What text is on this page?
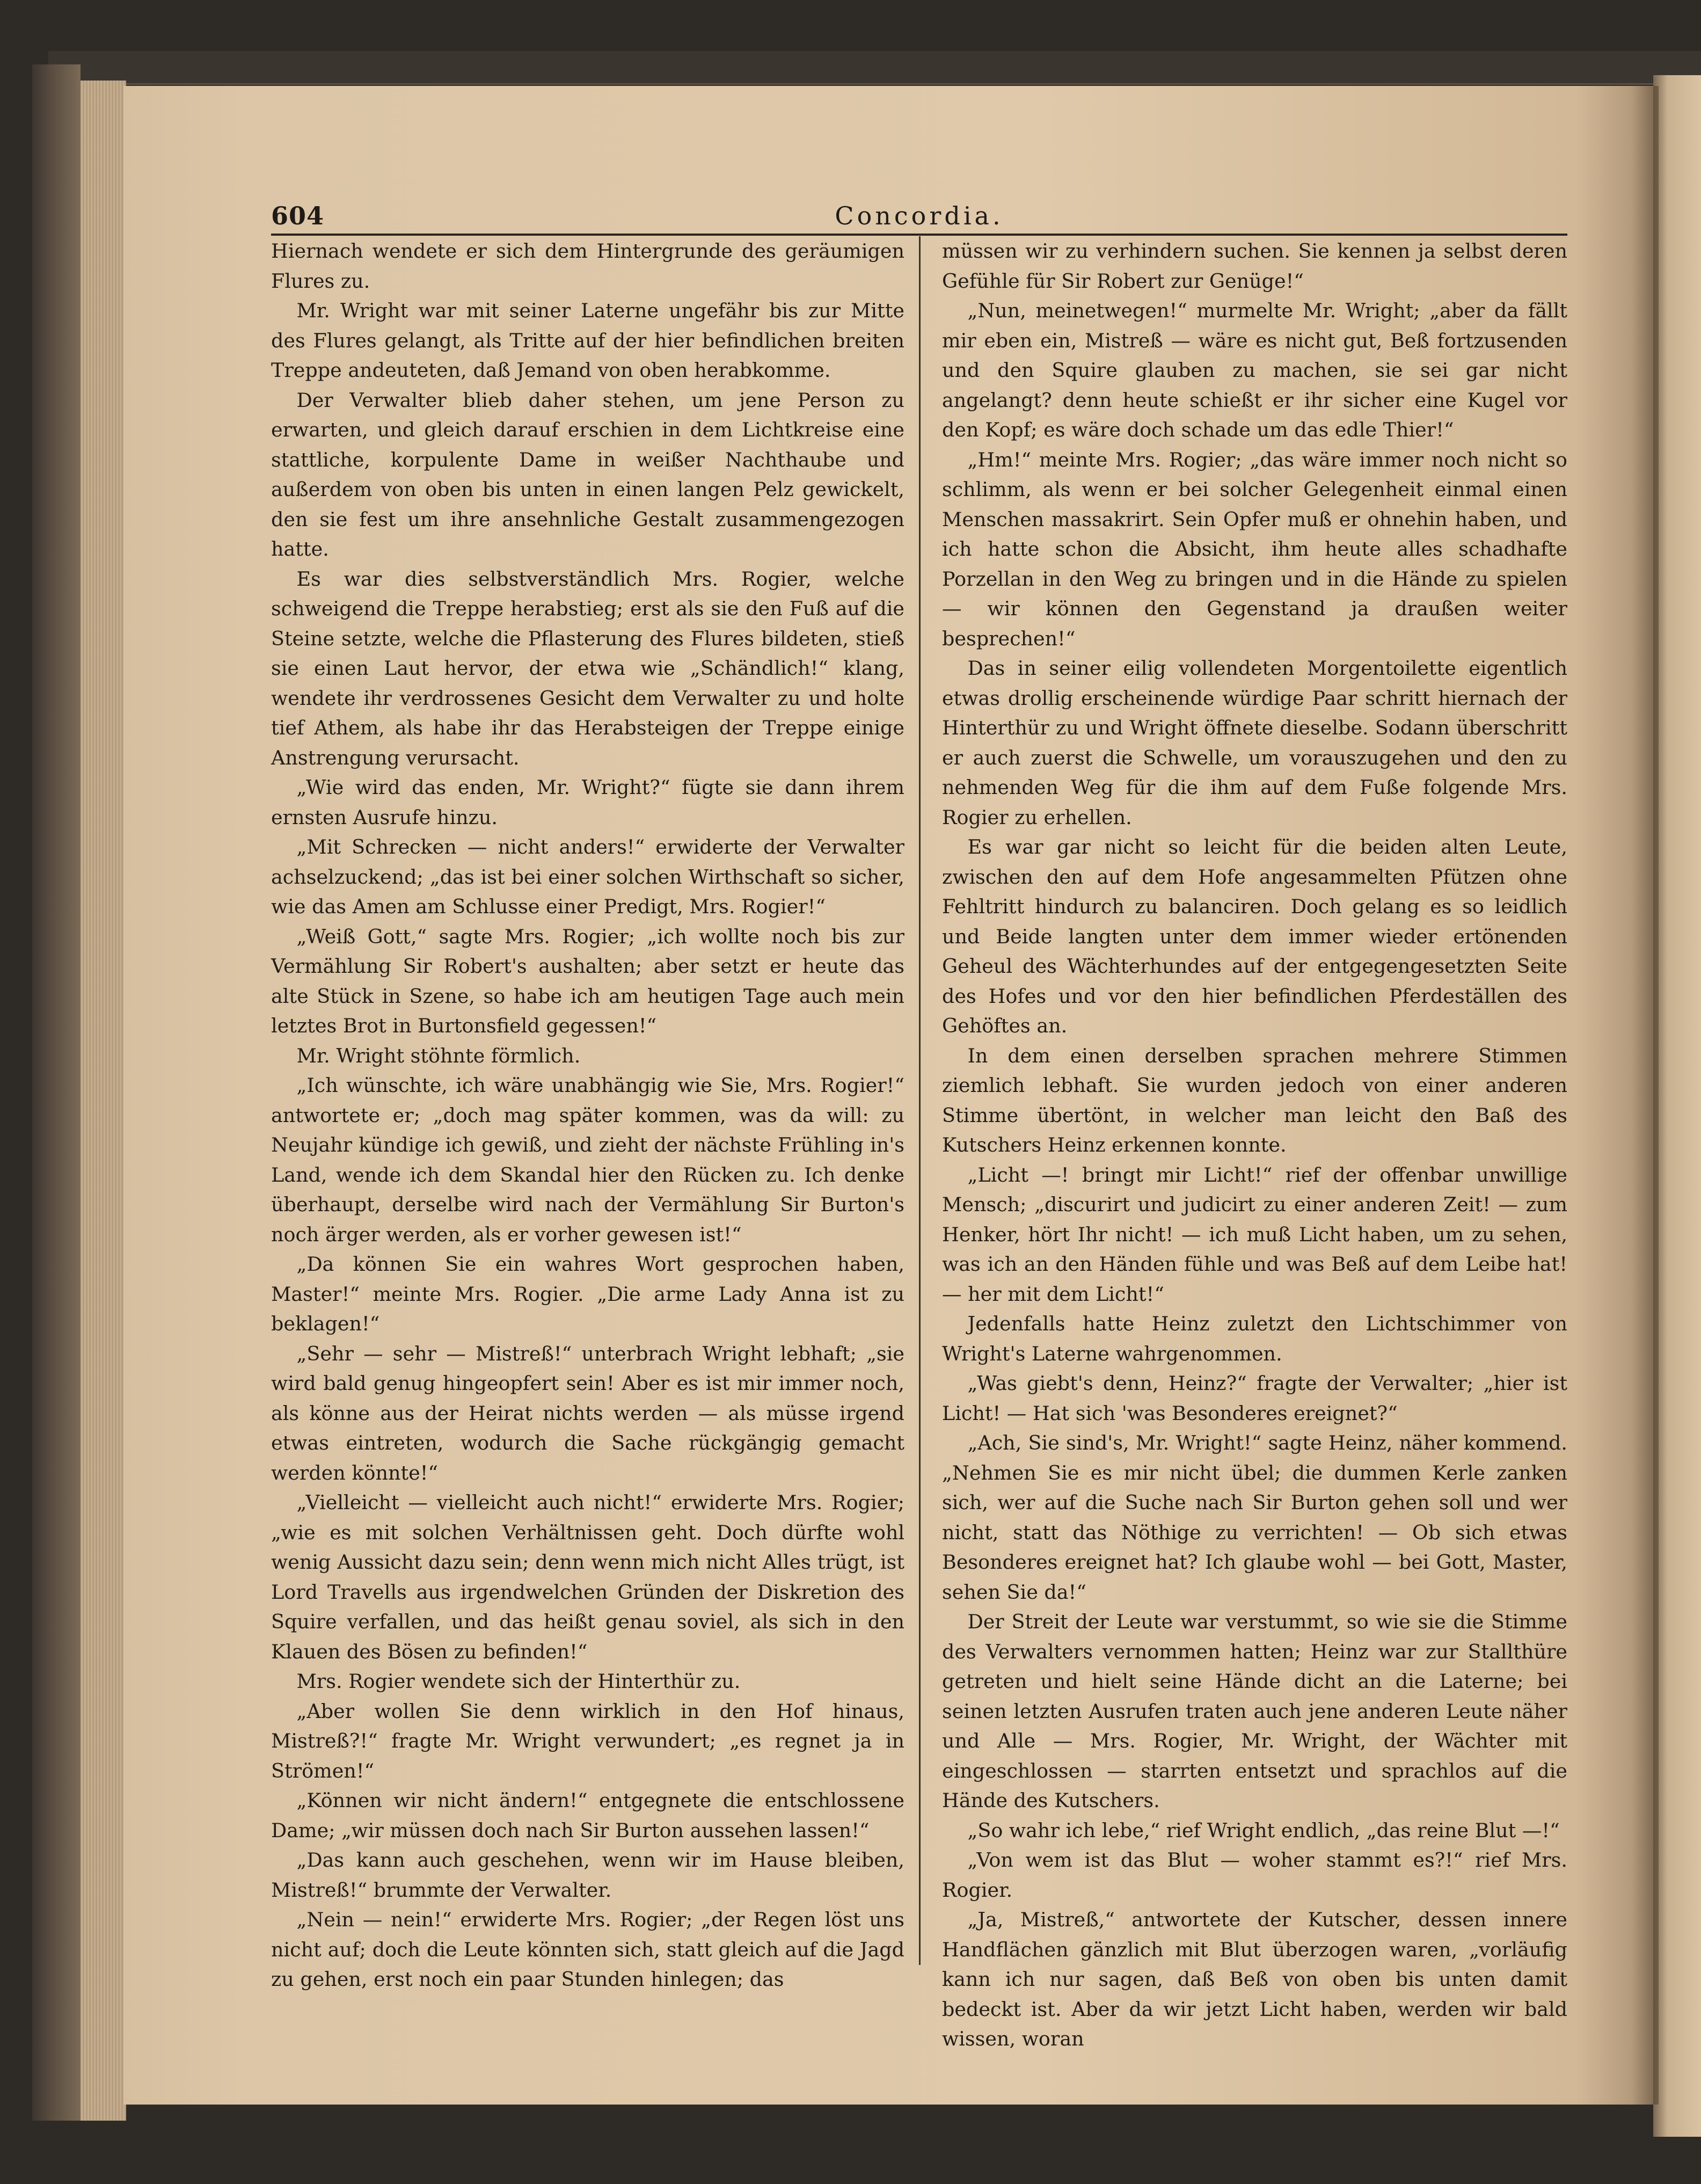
604	Concordia.

Hiernach wendete er sich dem Hintergrunde des geräumigen Flures zu.

Mr. Wright war mit seiner Laterne ungefähr bis zur Mitte des Flures gelangt, als Tritte auf der hier befindlichen breiten Treppe andeuteten, daß Jemand von oben herabkomme.

Der Verwalter blieb daher stehen, um jene Person zu erwarten, und gleich darauf erschien in dem Lichtkreise eine stattliche, korpulente Dame in weißer Nachthaube und außerdem von oben bis unten in einen langen Pelz gewickelt, den sie fest um ihre ansehnliche Gestalt zusammengezogen hatte.

Es war dies selbstverständlich Mrs. Rogier, welche schweigend die Treppe herabstieg; erst als sie den Fuß auf die Steine setzte, welche die Pflasterung des Flures bildeten, stieß sie einen Laut hervor, der etwa wie „Schändlich!“ klang, wendete ihr verdrossenes Gesicht dem Verwalter zu und holte tief Athem, als habe ihr das Herabsteigen der Treppe einige Anstrengung verursacht.

„Wie wird das enden, Mr. Wright?“ fügte sie dann ihrem ernsten Ausrufe hinzu.

„Mit Schrecken — nicht anders!“ erwiderte der Verwalter achselzuckend; „das ist bei einer solchen Wirthschaft so sicher, wie das Amen am Schlusse einer Predigt, Mrs. Rogier!“

„Weiß Gott,“ sagte Mrs. Rogier; „ich wollte noch bis zur Vermählung Sir Robert's aushalten; aber setzt er heute das alte Stück in Szene, so habe ich am heutigen Tage auch mein letztes Brot in Burtonsfield gegessen!“

Mr. Wright stöhnte förmlich.

„Ich wünschte, ich wäre unabhängig wie Sie, Mrs. Rogier!“ antwortete er; „doch mag später kommen, was da will: zu Neujahr kündige ich gewiß, und zieht der nächste Frühling in's Land, wende ich dem Skandal hier den Rücken zu. Ich denke überhaupt, derselbe wird nach der Vermählung Sir Burton's noch ärger werden, als er vorher gewesen ist!“

„Da können Sie ein wahres Wort gesprochen haben, Master!“ meinte Mrs. Rogier. „Die arme Lady Anna ist zu beklagen!“

„Sehr — sehr — Mistreß!“ unterbrach Wright lebhaft; „sie wird bald genug hingeopfert sein! Aber es ist mir immer noch, als könne aus der Heirat nichts werden — als müsse irgend etwas eintreten, wodurch die Sache rückgängig gemacht werden könnte!“

„Vielleicht — vielleicht auch nicht!“ erwiderte Mrs. Rogier; „wie es mit solchen Verhältnissen geht. Doch dürfte wohl wenig Aussicht dazu sein; denn wenn mich nicht Alles trügt, ist Lord Travells aus irgendwelchen Gründen der Diskretion des Squire verfallen, und das heißt genau soviel, als sich in den Klauen des Bösen zu befinden!“

Mrs. Rogier wendete sich der Hinterthür zu.

„Aber wollen Sie denn wirklich in den Hof hinaus, Mistreß?!“ fragte Mr. Wright verwundert; „es regnet ja in Strömen!“

„Können wir nicht ändern!“ entgegnete die entschlossene Dame; „wir müssen doch nach Sir Burton aussehen lassen!“

„Das kann auch geschehen, wenn wir im Hause bleiben, Mistreß!“ brummte der Verwalter.

„Nein — nein!“ erwiderte Mrs. Rogier; „der Regen löst uns nicht auf; doch die Leute könnten sich, statt gleich auf die Jagd zu gehen, erst noch ein paar Stunden hinlegen; das

müssen wir zu verhindern suchen. Sie kennen ja selbst deren Gefühle für Sir Robert zur Genüge!“

„Nun, meinetwegen!“ murmelte Mr. Wright; „aber da fällt mir eben ein, Mistreß — wäre es nicht gut, Beß fortzusenden und den Squire glauben zu machen, sie sei gar nicht angelangt? denn heute schießt er ihr sicher eine Kugel vor den Kopf; es wäre doch schade um das edle Thier!“

„Hm!“ meinte Mrs. Rogier; „das wäre immer noch nicht so schlimm, als wenn er bei solcher Gelegenheit einmal einen Menschen massakrirt. Sein Opfer muß er ohnehin haben, und ich hatte schon die Absicht, ihm heute alles schadhafte Porzellan in den Weg zu bringen und in die Hände zu spielen — wir können den Gegenstand ja draußen weiter besprechen!“

Das in seiner eilig vollendeten Morgentoilette eigentlich etwas drollig erscheinende würdige Paar schritt hiernach der Hinterthür zu und Wright öffnete dieselbe. Sodann überschritt er auch zuerst die Schwelle, um vorauszugehen und den zu nehmenden Weg für die ihm auf dem Fuße folgende Mrs. Rogier zu erhellen.

Es war gar nicht so leicht für die beiden alten Leute, zwischen den auf dem Hofe angesammelten Pfützen ohne Fehltritt hindurch zu balanciren. Doch gelang es so leidlich und Beide langten unter dem immer wieder ertönenden Geheul des Wächterhundes auf der entgegengesetzten Seite des Hofes und vor den hier befindlichen Pferdeställen des Gehöftes an.

In dem einen derselben sprachen mehrere Stimmen ziemlich lebhaft. Sie wurden jedoch von einer anderen Stimme übertönt, in welcher man leicht den Baß des Kutschers Heinz erkennen konnte.

„Licht —! bringt mir Licht!“ rief der offenbar unwillige Mensch; „discurirt und judicirt zu einer anderen Zeit! — zum Henker, hört Ihr nicht! — ich muß Licht haben, um zu sehen, was ich an den Händen fühle und was Beß auf dem Leibe hat! — her mit dem Licht!“

Jedenfalls hatte Heinz zuletzt den Lichtschimmer von Wright's Laterne wahrgenommen.

„Was giebt's denn, Heinz?“ fragte der Verwalter; „hier ist Licht! — Hat sich 'was Besonderes ereignet?“

„Ach, Sie sind's, Mr. Wright!“ sagte Heinz, näher kommend. „Nehmen Sie es mir nicht übel; die dummen Kerle zanken sich, wer auf die Suche nach Sir Burton gehen soll und wer nicht, statt das Nöthige zu verrichten! — Ob sich etwas Besonderes ereignet hat? Ich glaube wohl — bei Gott, Master, sehen Sie da!“

Der Streit der Leute war verstummt, so wie sie die Stimme des Verwalters vernommen hatten; Heinz war zur Stallthüre getreten und hielt seine Hände dicht an die Laterne; bei seinen letzten Ausrufen traten auch jene anderen Leute näher und Alle — Mrs. Rogier, Mr. Wright, der Wächter mit eingeschlossen — starrten entsetzt und sprachlos auf die Hände des Kutschers.

„So wahr ich lebe,“ rief Wright endlich, „das reine Blut —!“

„Von wem ist das Blut — woher stammt es?!“ rief Mrs. Rogier.

„Ja, Mistreß,“ antwortete der Kutscher, dessen innere Handflächen gänzlich mit Blut überzogen waren, „vorläufig kann ich nur sagen, daß Beß von oben bis unten damit bedeckt ist. Aber da wir jetzt Licht haben, werden wir bald wissen, woran
